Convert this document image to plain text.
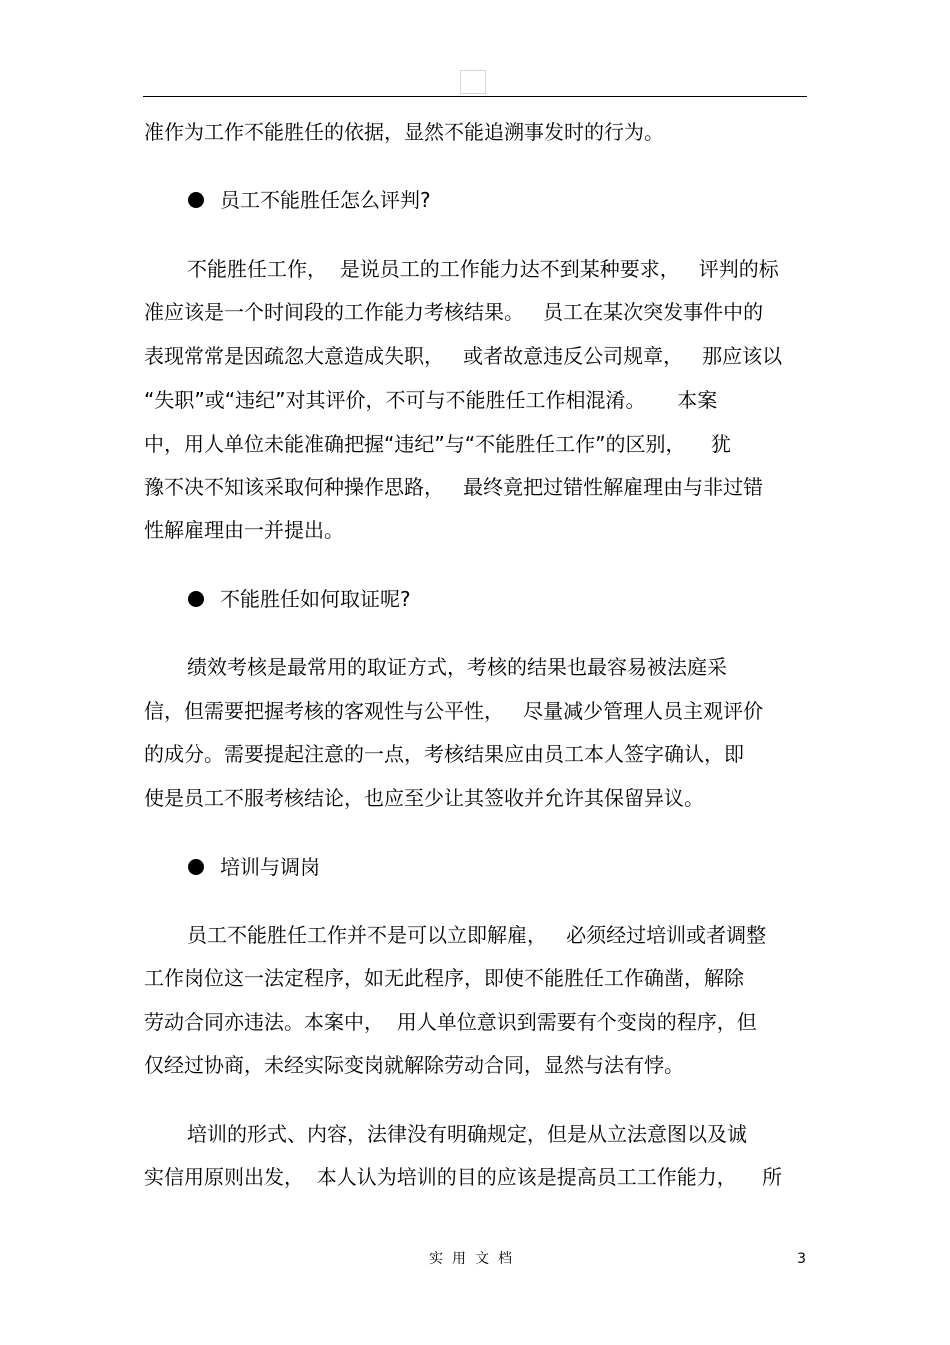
准作为工作不能胜任的依据，显然不能追溯事发时的行为。
员工不能胜任怎么评判?
不能胜任工作，  是说员工的工作能力达不到某种要求，   评判的标
准应该是一个时间段的工作能力考核结果。   员工在某次突发事件中的
表现常常是因疏忽大意造成失职，   或者故意违反公司规章，   那应该以
“失职”或“违纪”对其评价，不可与不能胜任工作相混淆。     本案
中，用人单位未能准确把握“违纪”与“不能胜任工作”的区别，    犹
豫不决不知该采取何种操作思路，   最终竟把过错性解雇理由与非过错
性解雇理由一并提出。
不能胜任如何取证呢?
绩效考核是最常用的取证方式，考核的结果也最容易被法庭采
信，但需要把握考核的客观性与公平性，   尽量减少管理人员主观评价
的成分。需要提起注意的一点，考核结果应由员工本人签字确认，即
使是员工不服考核结论，也应至少让其签收并允许其保留异议。
培训与调岗
员工不能胜任工作并不是可以立即解雇，   必须经过培训或者调整
工作岗位这一法定程序，如无此程序，即使不能胜任工作确凿，解除
劳动合同亦违法。本案中，  用人单位意识到需要有个变岗的程序，但
仅经过协商，未经实际变岗就解除劳动合同，显然与法有悖。
培训的形式、内容，法律没有明确规定，但是从立法意图以及诚
实信用原则出发，  本人认为培训的目的应该是提高员工工作能力，    所
实用文档	3
